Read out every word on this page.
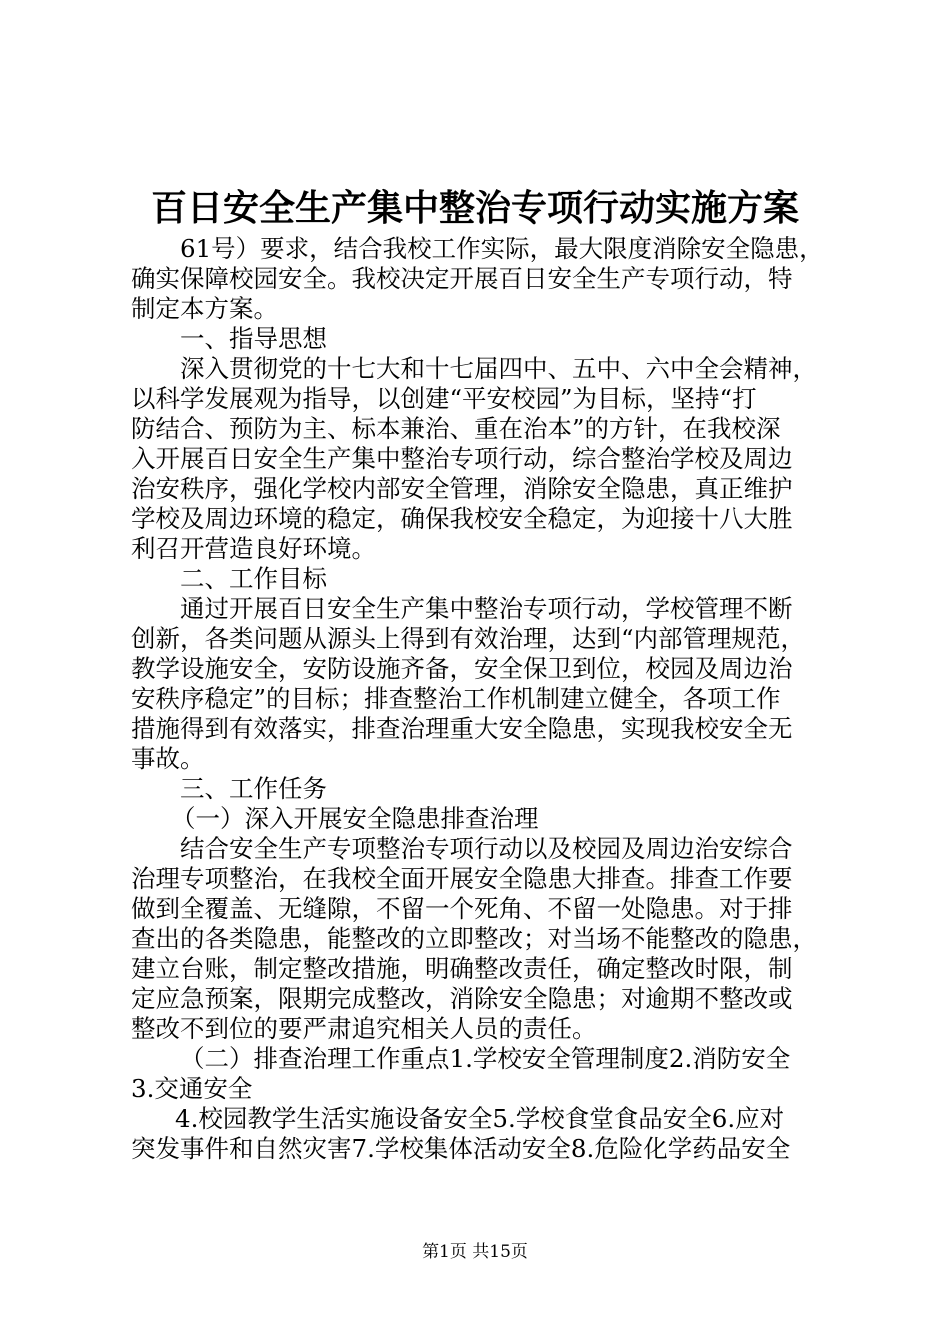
百日安全生产集中整治专项行动实施方案
61号）要求，结合我校工作实际，最大限度消除安全隐患，
确实保障校园安全。我校决定开展百日安全生产专项行动，特
制定本方案。
一、指导思想
深入贯彻党的十七大和十七届四中、五中、六中全会精神，
以科学发展观为指导，以创建“平安校园”为目标，坚持“打
防结合、预防为主、标本兼治、重在治本”的方针，在我校深
入开展百日安全生产集中整治专项行动，综合整治学校及周边
治安秩序，强化学校内部安全管理，消除安全隐患，真正维护
学校及周边环境的稳定，确保我校安全稳定，为迎接十八大胜
利召开营造良好环境。
二、工作目标
通过开展百日安全生产集中整治专项行动，学校管理不断
创新，各类问题从源头上得到有效治理，达到“内部管理规范，
教学设施安全，安防设施齐备，安全保卫到位，校园及周边治
安秩序稳定”的目标；排查整治工作机制建立健全，各项工作
措施得到有效落实，排查治理重大安全隐患，实现我校安全无
事故。
三、工作任务
（一）深入开展安全隐患排查治理
结合安全生产专项整治专项行动以及校园及周边治安综合
治理专项整治，在我校全面开展安全隐患大排查。排查工作要
做到全覆盖、无缝隙，不留一个死角、不留一处隐患。对于排
查出的各类隐患，能整改的立即整改；对当场不能整改的隐患，
建立台账，制定整改措施，明确整改责任，确定整改时限，制
定应急预案，限期完成整改，消除安全隐患；对逾期不整改或
整改不到位的要严肃追究相关人员的责任。
（二）排查治理工作重点1.学校安全管理制度2.消防安全
3.交通安全
4.校园教学生活实施设备安全5.学校食堂食品安全6.应对
突发事件和自然灾害7.学校集体活动安全8.危险化学药品安全
第1页 共15页
